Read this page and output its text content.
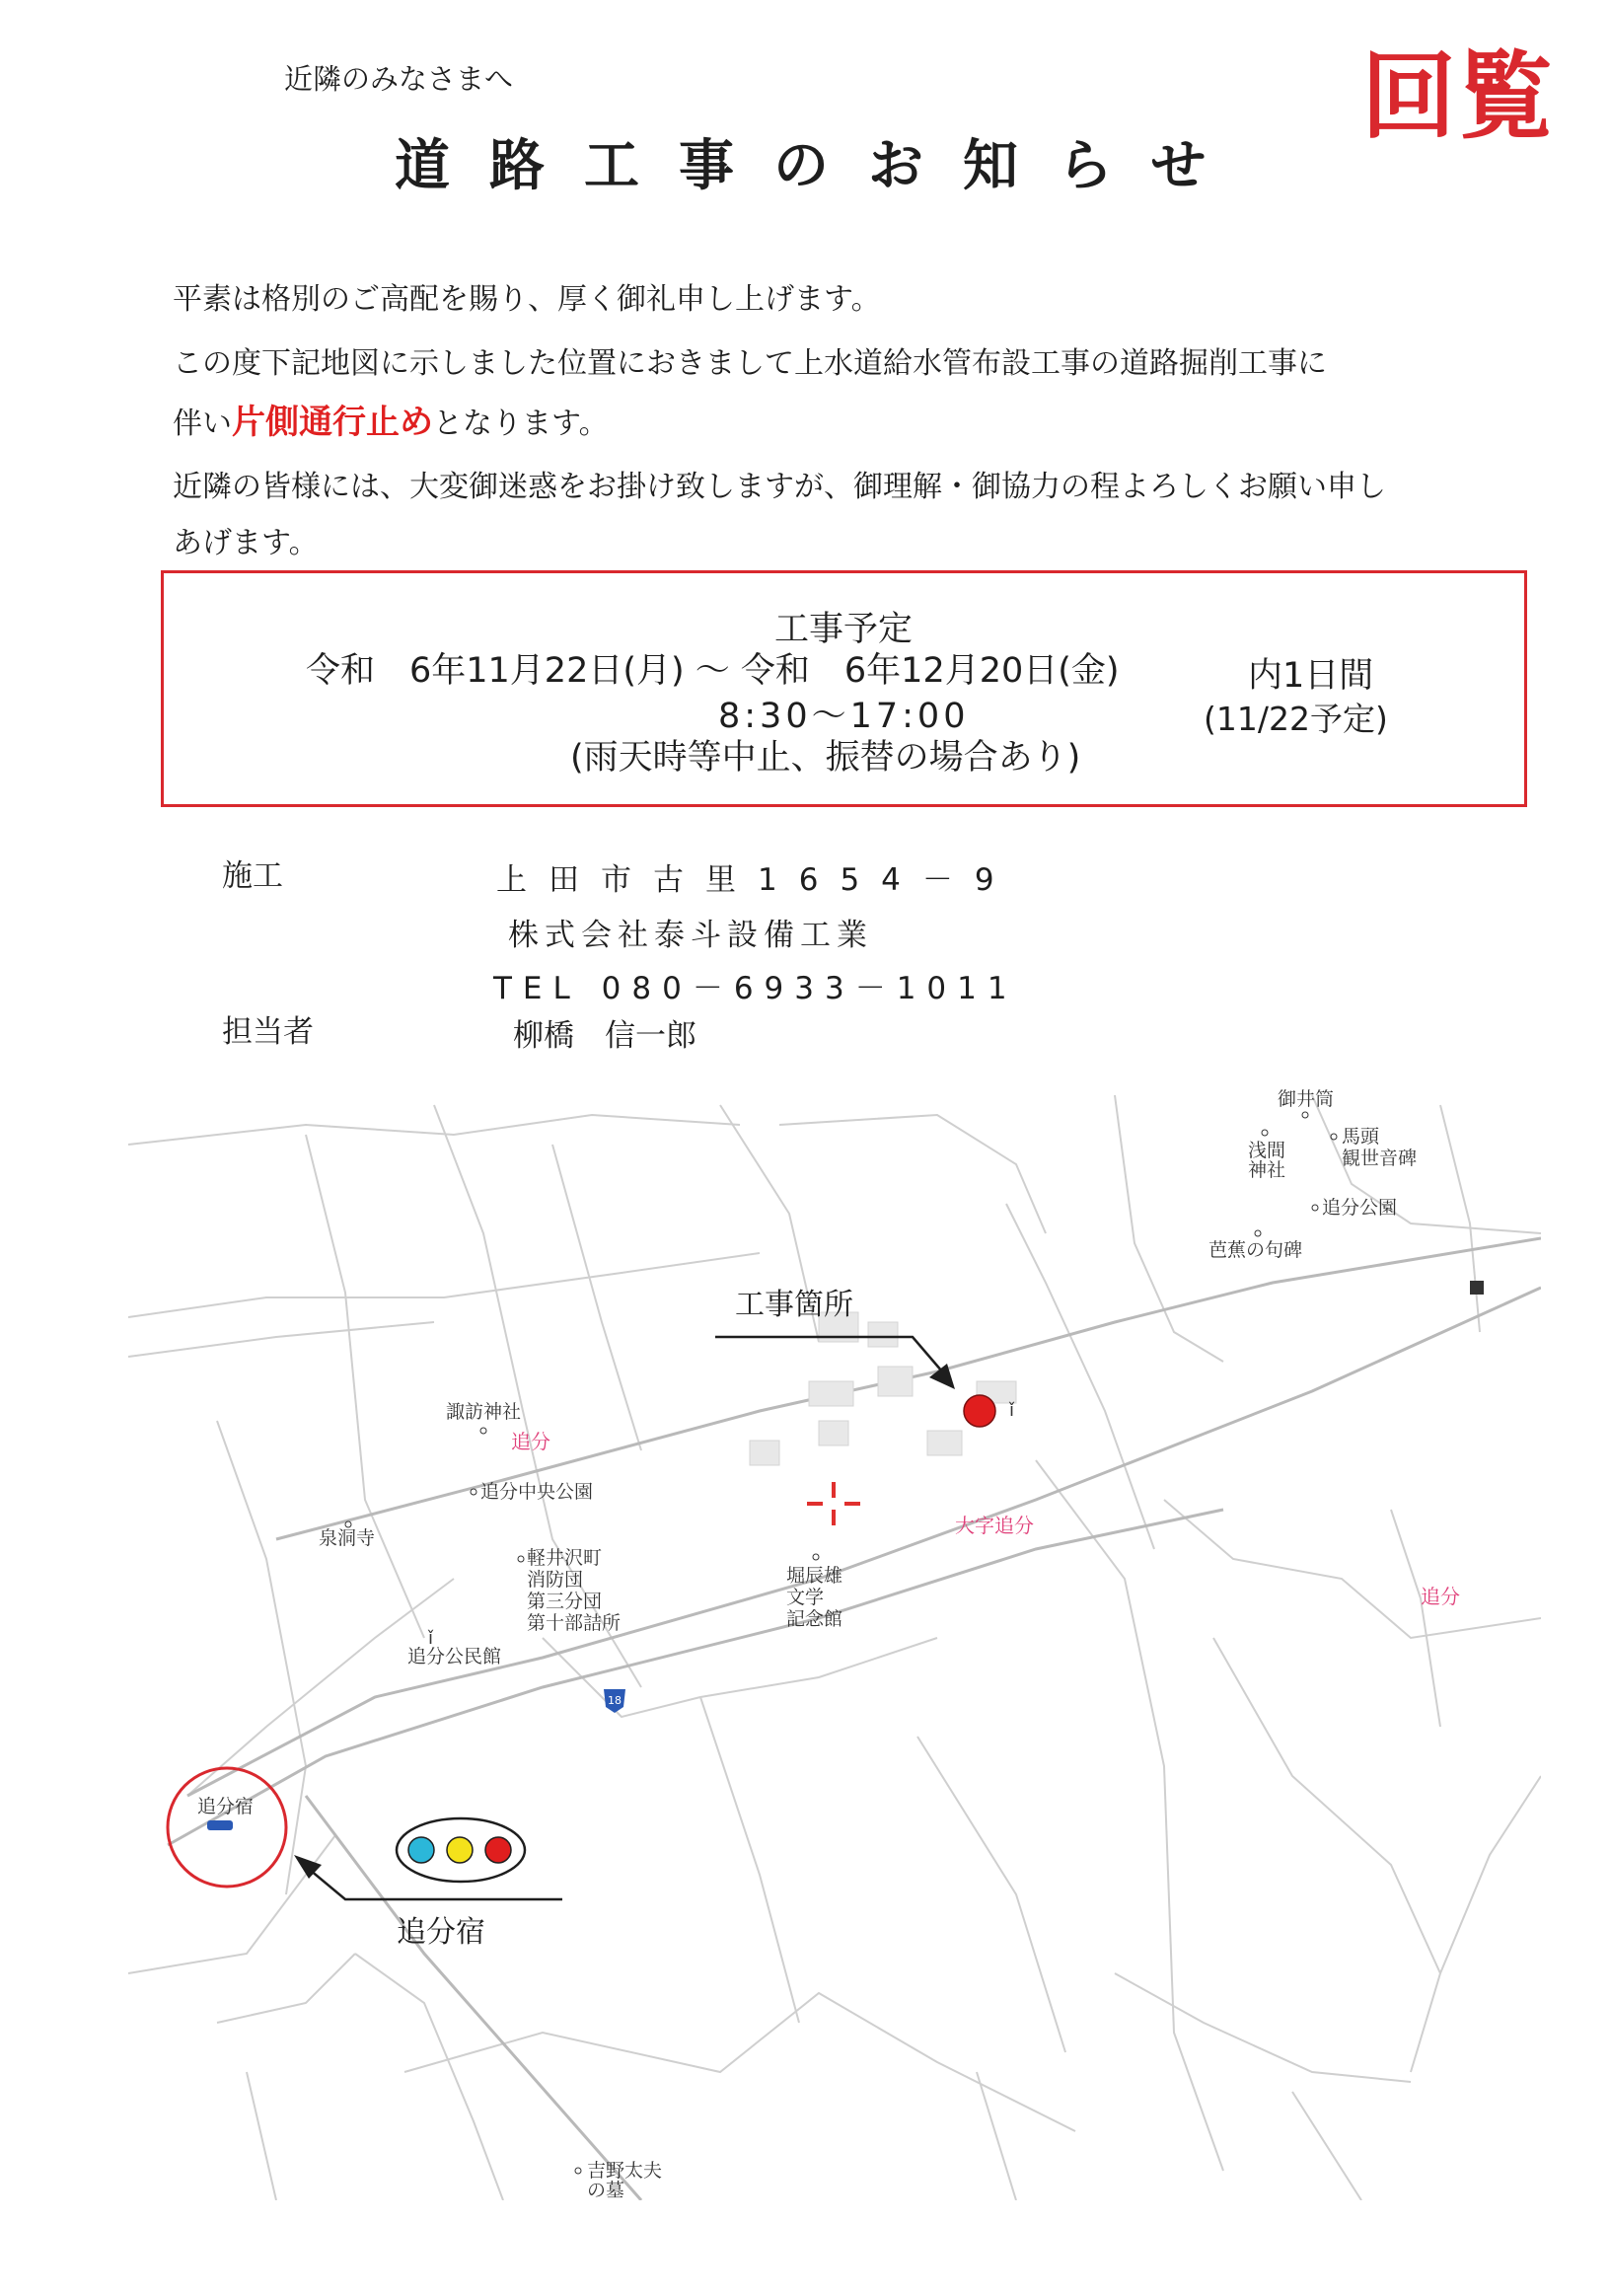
近隣のみなさまへ	回覧
道路工事のお知らせ
平素は格別のご高配を賜り、厚く御礼申し上げます。
この度下記地図に示しました位置におきまして上水道給水管布設工事の道路掘削工事に
伴い片側通行止めとなります。
近隣の皆様には、大変御迷惑をお掛け致しますが、御理解・御協力の程よろしくお願い申し
あげます。
工事予定
令和　6年11月22日(月) ～ 令和　6年12月20日(金)	内1日間
8:30～17:00	(11/22予定)
(雨天時等中止、振替の場合あり)
施工	上田市古里1654－9
株式会社泰斗設備工業
TEL 080－6933－1011
担当者	柳橋　信一郎
18
工事箇所
ǐ
追分宿
追分宿
諏訪神社
追分
追分中央公園
泉洞寺
軽井沢町
消防団
第三分団
第十部詰所
追分公民館
ǐ
堀辰雄
文学
記念館
大字追分
追分
御井筒
浅間
神社
馬頭
観世音碑
追分公園
芭蕉の句碑
吉野太夫
の墓
